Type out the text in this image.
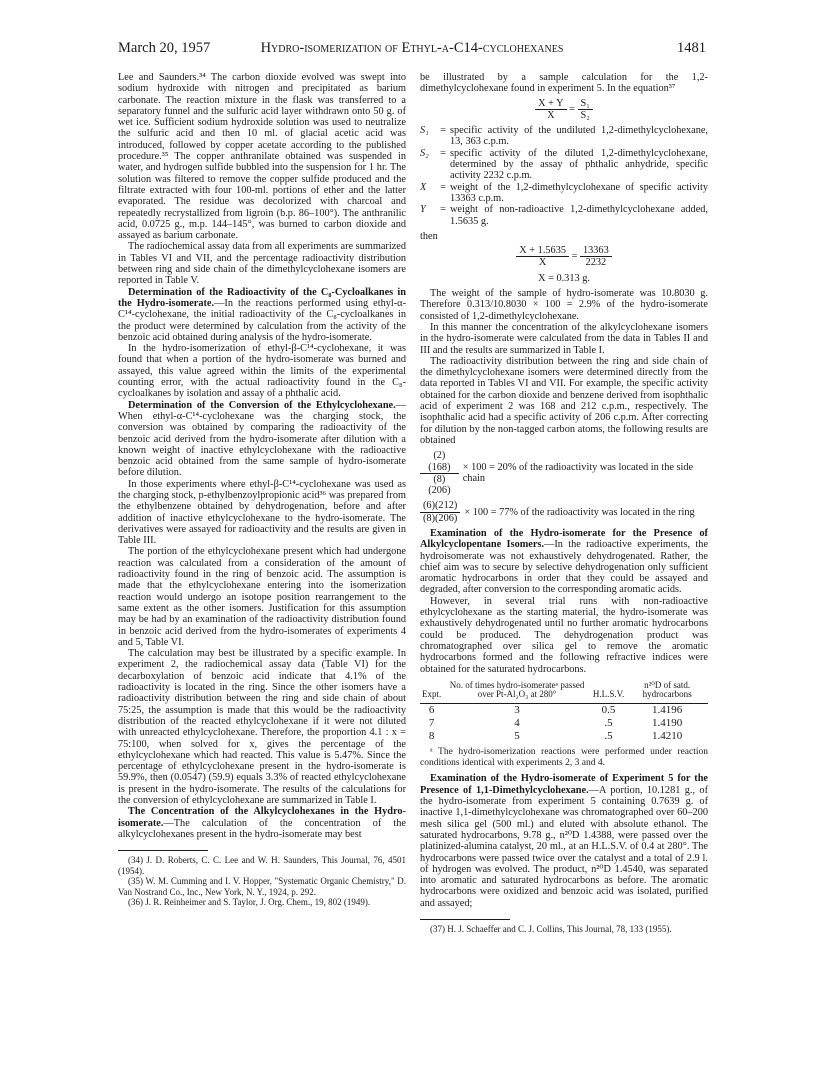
March 20, 1957	Hydro-isomerization of Ethyl-α-C14-cyclohexanes	1481

Lee and Saunders.³⁴ The carbon dioxide evolved was swept into sodium hydroxide with nitrogen and precipitated as barium carbonate. The reaction mixture in the flask was transferred to a separatory funnel and the sulfuric acid layer withdrawn onto 50 g. of wet ice. Sufficient sodium hydroxide solution was used to neutralize the sulfuric acid and then 10 ml. of glacial acetic acid was introduced, followed by copper acetate according to the published procedure.³⁵ The copper anthranilate obtained was suspended in water, and hydrogen sulfide bubbled into the suspension for 1 hr. The solution was filtered to remove the copper sulfide produced and the filtrate extracted with four 100-ml. portions of ether and the latter evaporated. The residue was decolorized with charcoal and repeatedly recrystallized from ligroin (b.p. 86–100°). The anthranilic acid, 0.0725 g., m.p. 144–145°, was burned to carbon dioxide and assayed as barium carbonate.

The radiochemical assay data from all experiments are summarized in Tables VI and VII, and the percentage radioactivity distribution between ring and side chain of the dimethylcyclohexane isomers are reported in Table V.

Determination of the Radioactivity of the C₈-Cycloalkanes in the Hydro-isomerate.—In the reactions performed using ethyl-α-C¹⁴-cyclohexane, the initial radioactivity of the C₈-cycloalkanes in the product were determined by calculation from the activity of the benzoic acid obtained during analysis of the hydro-isomerate.

In the hydro-isomerization of ethyl-β-C¹⁴-cyclohexane, it was found that when a portion of the hydro-isomerate was burned and assayed, this value agreed within the limits of the experimental counting error, with the actual radioactivity found in the C₈-cycloalkanes by isolation and assay of a phthalic acid.

Determination of the Conversion of the Ethylcyclohexane.—When ethyl-α-C¹⁴-cyclohexane was the charging stock, the conversion was obtained by comparing the radioactivity of the benzoic acid derived from the hydro-isomerate after dilution with a known weight of inactive ethylcyclohexane with the radioactive benzoic acid obtained from the same sample of hydro-isomerate before dilution.

In those experiments where ethyl-β-C¹⁴-cyclohexane was used as the charging stock, p-ethylbenzoylpropionic acid³⁶ was prepared from the ethylbenzene obtained by dehydrogenation, before and after addition of inactive ethylcyclohexane to the hydro-isomerate. The derivatives were assayed for radioactivity and the results are given in Table III.

The portion of the ethylcyclohexane present which had undergone reaction was calculated from a consideration of the amount of radioactivity found in the ring of benzoic acid. The assumption is made that the ethylcyclohexane entering into the isomerization reaction would undergo an isotope position rearrangement to the same extent as the other isomers. Justification for this assumption may be had by an examination of the radioactivity distribution found in benzoic acid derived from the hydro-isomerates of experiments 4 and 5, Table VI.

The calculation may best be illustrated by a specific example. In experiment 2, the radiochemical assay data (Table VI) for the decarboxylation of benzoic acid indicate that 4.1% of the radioactivity is located in the ring. Since the other isomers have a radioactivity distribution between the ring and side chain of about 75:25, the assumption is made that this would be the radioactivity distribution of the reacted ethylcyclohexane if it were not diluted with unreacted ethylcyclohexane. Therefore, the proportion 4.1 : x = 75:100, when solved for x, gives the percentage of the ethylcyclohexane which had reacted. This value is 5.47%. Since the percentage of ethylcyclohexane present in the hydro-isomerate is 59.9%, then (0.0547) (59.9) equals 3.3% of reacted ethylcyclohexane is present in the hydro-isomerate. The results of the calculations for the conversion of ethylcyclohexane are summarized in Table I.

The Concentration of the Alkylcyclohexanes in the Hydro-isomerate.—The calculation of the concentration of the alkylcyclohexanes present in the hydro-isomerate may best

(34) J. D. Roberts, C. C. Lee and W. H. Saunders, This Journal, 76, 4501 (1954).

(35) W. M. Cumming and I. V. Hopper, "Systematic Organic Chemistry," D. Van Nostrand Co., Inc., New York, N. Y., 1924, p. 292.

(36) J. R. Reinheimer and S. Taylor, J. Org. Chem., 19, 802 (1949).

be illustrated by a sample calculation for the 1,2-dimethylcyclohexane found in experiment 5. In the equation³⁷

$\frac{X + Y}{X} = \frac{\text{S₁}}{\text{S₂}}$
S₁	=	specific activity of the undiluted 1,2-dimethylcyclohexane, 13, 363 c.p.m.
S₂	=	specific activity of the diluted 1,2-dimethylcyclohexane, determined by the assay of phthalic anhydride, specific activity 2232 c.p.m.
X	=	weight of the 1,2-dimethylcyclohexane of specific activity 13363 c.p.m.
Y	=	weight of non-radioactive 1,2-dimethylcyclohexane added, 1.5635 g.

then

$\frac{X + 1.5635}{X} = \frac{13363}{2232}$
X = 0.313 g.

The weight of the sample of hydro-isomerate was 10.8030 g. Therefore 0.313/10.8030 × 100 = 2.9% of the hydro-isomerate consisted of 1,2-dimethylcyclohexane.

In this manner the concentration of the alkylcyclohexane isomers in the hydro-isomerate were calculated from the data in Tables II and III and the results are summarized in Table I.

The radioactivity distribution between the ring and side chain of the dimethylcyclohexane isomers were determined directly from the data reported in Tables VI and VII. For example, the specific activity obtained for the carbon dioxide and benzene derived from isophthalic acid of experiment 2 was 168 and 212 c.p.m., respectively. The isophthalic acid had a specific activity of 206 c.p.m. After correcting for dilution by the non-tagged carbon atoms, the following results are obtained

$\frac{(2)(168)}{(8)(206)} \times 100 = 20\%$ of the radioactivity was located in the side chain
$\frac{(6)(212)}{(8)(206)} \times 100 = 77\%$ of the radioactivity was located in the ring

Examination of the Hydro-isomerate for the Presence of Alkylcyclopentane Isomers.—In the radioactive experiments, the hydroisomerate was not exhaustively dehydrogenated. Rather, the chief aim was to secure by selective dehydrogenation only sufficient aromatic hydrocarbons in order that they could be assayed and degraded, after conversion to the corresponding aromatic acids.

However, in several trial runs with non-radioactive ethylcyclohexane as the starting material, the hydro-isomerate was exhaustively dehydrogenated until no further aromatic hydrocarbons could be produced. The dehydrogenation product was chromatographed over silica gel to remove the aromatic hydrocarbons formed and the following refractive indices were obtained for the saturated hydrocarbons.

Expt.	No. of times hydro-isomerateᵃ passed over Pt-Al₂O₃ at 280°	H.L.S.V.	n²⁰D of satd. hydrocarbons
6	3	0.5	1.4196
7	4	.5	1.4190
8	5	.5	1.4210

ᵃ The hydro-isomerization reactions were performed under reaction conditions identical with experiments 2, 3 and 4.

Examination of the Hydro-isomerate of Experiment 5 for the Presence of 1,1-Dimethylcyclohexane.—A portion, 10.1281 g., of the hydro-isomerate from experiment 5 containing 0.7639 g. of inactive 1,1-dimethylcyclohexane was chromatographed over 60–200 mesh silica gel (500 ml.) and eluted with absolute ethanol. The saturated hydrocarbons, 9.78 g., n²⁰D 1.4388, were passed over the platinized-alumina catalyst, 20 ml., at an H.L.S.V. of 0.4 at 280°. The hydrocarbons were passed twice over the catalyst and a total of 2.9 l. of hydrogen was evolved. The product, n²⁰D 1.4540, was separated into aromatic and saturated hydrocarbons as before. The aromatic hydrocarbons were oxidized and benzoic acid was isolated, purified and assayed;

(37) H. J. Schaeffer and C. J. Collins, This Journal, 78, 133 (1955).
